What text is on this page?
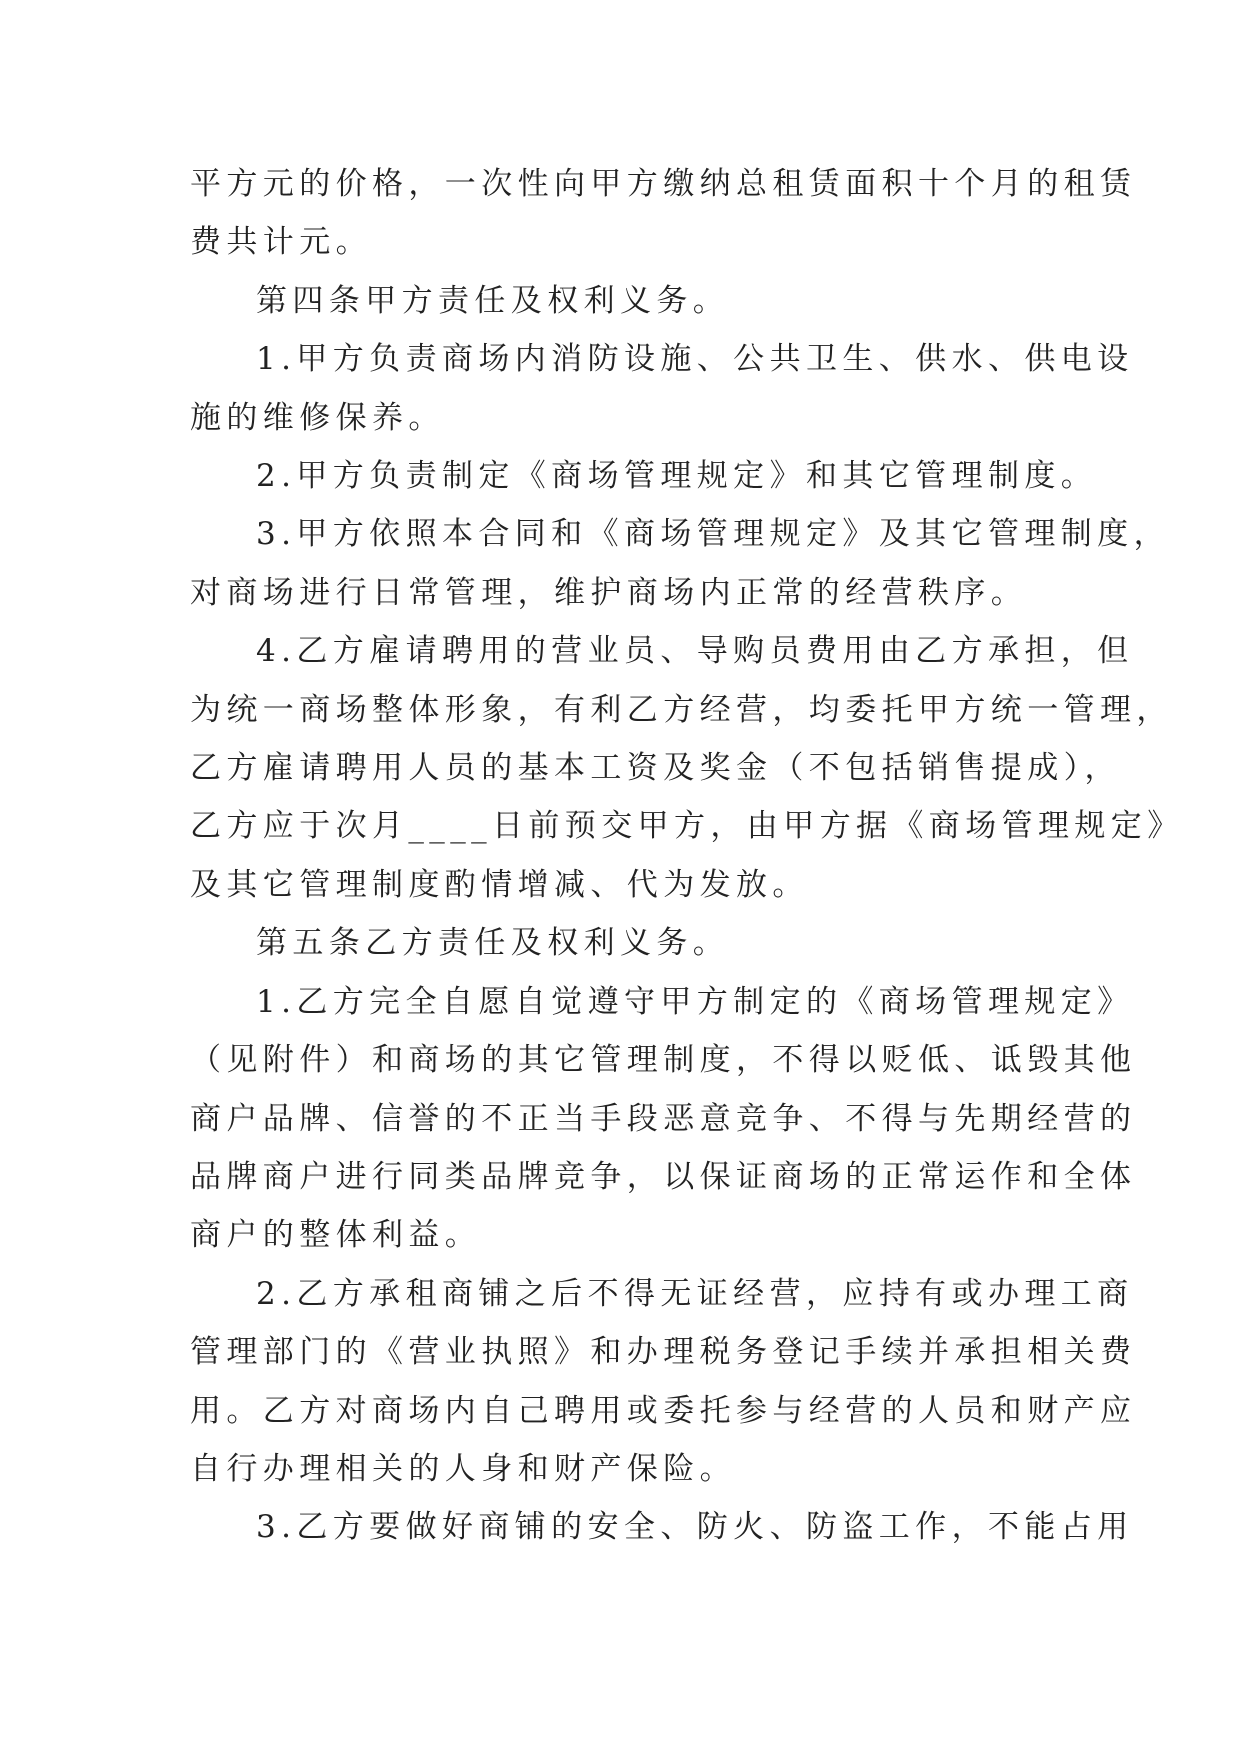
平方元的价格，一次性向甲方缴纳总租赁面积十个月的租赁
费共计元。

第四条甲方责任及权利义务。

1.甲方负责商场内消防设施、公共卫生、供水、供电设
施的维修保养。

2.甲方负责制定《商场管理规定》和其它管理制度。

3.甲方依照本合同和《商场管理规定》及其它管理制度，
对商场进行日常管理，维护商场内正常的经营秩序。

4.乙方雇请聘用的营业员、导购员费用由乙方承担，但
为统一商场整体形象，有利乙方经营，均委托甲方统一管理，
乙方雇请聘用人员的基本工资及奖金（不包括销售提成），
乙方应于次月____日前预交甲方，由甲方据《商场管理规定》
及其它管理制度酌情增减、代为发放。

第五条乙方责任及权利义务。

1.乙方完全自愿自觉遵守甲方制定的《商场管理规定》
（见附件）和商场的其它管理制度，不得以贬低、诋毁其他
商户品牌、信誉的不正当手段恶意竞争、不得与先期经营的
品牌商户进行同类品牌竞争，以保证商场的正常运作和全体
商户的整体利益。

2.乙方承租商铺之后不得无证经营，应持有或办理工商
管理部门的《营业执照》和办理税务登记手续并承担相关费
用。乙方对商场内自己聘用或委托参与经营的人员和财产应
自行办理相关的人身和财产保险。

3.乙方要做好商铺的安全、防火、防盗工作，不能占用
